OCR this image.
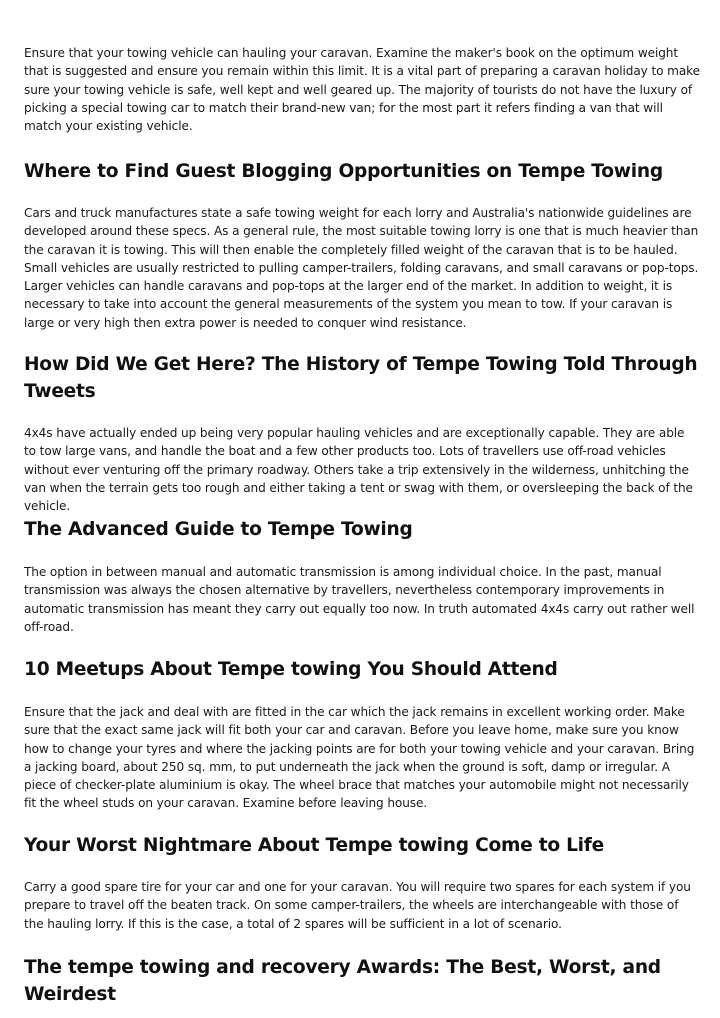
Ensure that your towing vehicle can hauling your caravan. Examine the maker's book on the optimum weight that is suggested and ensure you remain within this limit. It is a vital part of preparing a caravan holiday to make sure your towing vehicle is safe, well kept and well geared up. The majority of tourists do not have the luxury of picking a special towing car to match their brand-new van; for the most part it refers finding a van that will match your existing vehicle.

Where to Find Guest Blogging Opportunities on Tempe Towing

Cars and truck manufactures state a safe towing weight for each lorry and Australia's nationwide guidelines are developed around these specs. As a general rule, the most suitable towing lorry is one that is much heavier than the caravan it is towing. This will then enable the completely filled weight of the caravan that is to be hauled. Small vehicles are usually restricted to pulling camper-trailers, folding caravans, and small caravans or pop-tops. Larger vehicles can handle caravans and pop-tops at the larger end of the market. In addition to weight, it is necessary to take into account the general measurements of the system you mean to tow. If your caravan is large or very high then extra power is needed to conquer wind resistance.

How Did We Get Here? The History of Tempe Towing Told Through Tweets

4x4s have actually ended up being very popular hauling vehicles and are exceptionally capable. They are able to tow large vans, and handle the boat and a few other products too. Lots of travellers use off-road vehicles without ever venturing off the primary roadway. Others take a trip extensively in the wilderness, unhitching the van when the terrain gets too rough and either taking a tent or swag with them, or oversleeping the back of the vehicle.

The Advanced Guide to Tempe Towing

The option in between manual and automatic transmission is among individual choice. In the past, manual transmission was always the chosen alternative by travellers, nevertheless contemporary improvements in automatic transmission has meant they carry out equally too now. In truth automated 4x4s carry out rather well off-road.

10 Meetups About Tempe towing You Should Attend

Ensure that the jack and deal with are fitted in the car which the jack remains in excellent working order. Make sure that the exact same jack will fit both your car and caravan. Before you leave home, make sure you know how to change your tyres and where the jacking points are for both your towing vehicle and your caravan. Bring a jacking board, about 250 sq. mm, to put underneath the jack when the ground is soft, damp or irregular. A piece of checker-plate aluminium is okay. The wheel brace that matches your automobile might not necessarily fit the wheel studs on your caravan. Examine before leaving house.

Your Worst Nightmare About Tempe towing Come to Life

Carry a good spare tire for your car and one for your caravan. You will require two spares for each system if you prepare to travel off the beaten track. On some camper-trailers, the wheels are interchangeable with those of the hauling lorry. If this is the case, a total of 2 spares will be sufficient in a lot of scenario.

The tempe towing and recovery Awards: The Best, Worst, and Weirdest
